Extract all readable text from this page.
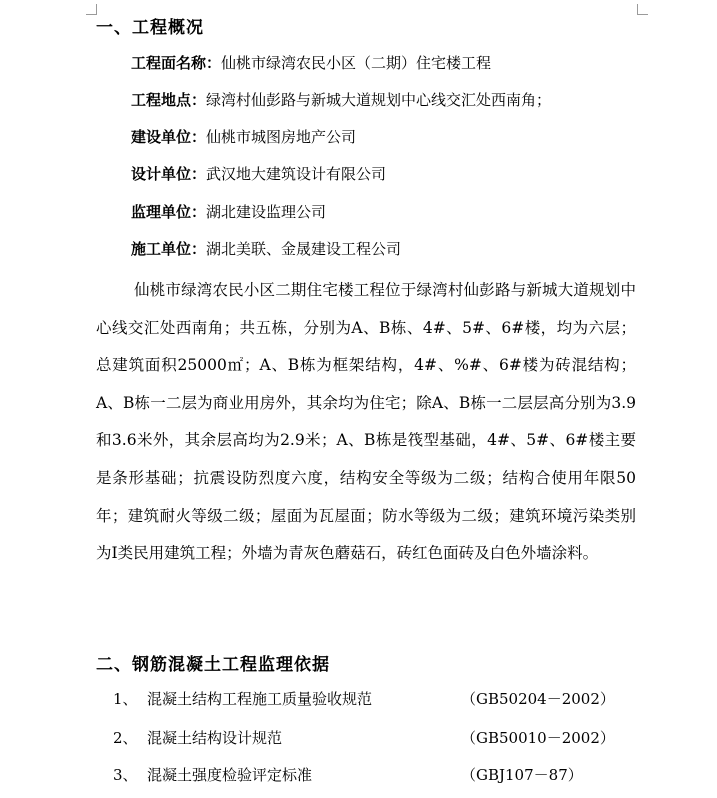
一、工程概况
工程面名称：仙桃市绿湾农民小区（二期）住宅楼工程
工程地点：绿湾村仙彭路与新城大道规划中心线交汇处西南角；
建设单位：仙桃市城图房地产公司
设计单位：武汉地大建筑设计有限公司
监理单位：湖北建设监理公司
施工单位：湖北美联、金晟建设工程公司

仙桃市绿湾农民小区二期住宅楼工程位于绿湾村仙彭路与新城大道规划中心线交汇处西南角；共五栋，分别为A、B栋、4#、5#、6#楼，均为六层；总建筑面积25000㎡；A、B栋为框架结构，4#、%#、6#楼为砖混结构；A、B栋一二层为商业用房外，其余均为住宅；除A、B栋一二层层高分别为3.9和3.6米外，其余层高均为2.9米；A、B栋是筏型基础，4#、5#、6#楼主要是条形基础；抗震设防烈度六度，结构安全等级为二级；结构合使用年限50年；建筑耐火等级二级；屋面为瓦屋面；防水等级为二级；建筑环境污染类别为Ⅰ类民用建筑工程；外墙为青灰色蘑菇石，砖红色面砖及白色外墙涂料。

二、钢筋混凝土工程监理依据
1、 混凝土结构工程施工质量验收规范	（GB50204－2002）
2、 混凝土结构设计规范	（GB50010－2002）
3、 混凝土强度检验评定标准	（GBJ107－87）
